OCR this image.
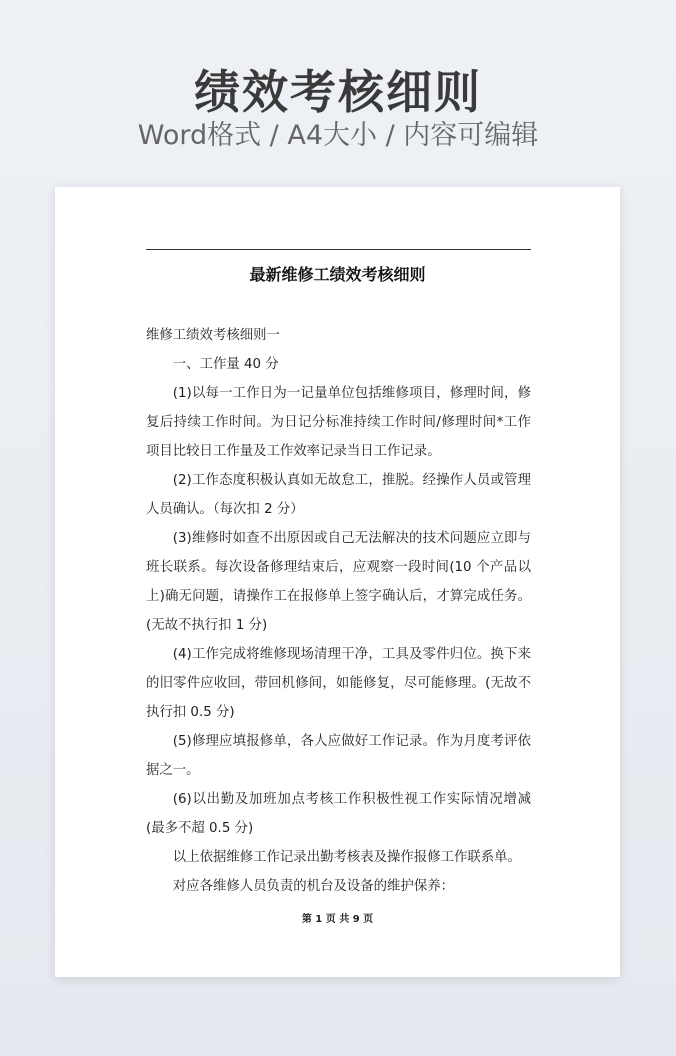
绩效考核细则
Word格式 / A4大小 / 内容可编辑
最新维修工绩效考核细则

维修工绩效考核细则一

一、工作量 40 分

(1)以每一工作日为一记量单位包括维修项目，修理时间，修复后持续工作时间。为日记分标准持续工作时间/修理时间*工作项目比较日工作量及工作效率记录当日工作记录。

(2)工作态度积极认真如无故怠工，推脱。经操作人员或管理人员确认。（每次扣 2 分）

(3)维修时如查不出原因或自己无法解决的技术问题应立即与班长联系。每次设备修理结束后，应观察一段时间(10 个产品以上)确无问题，请操作工在报修单上签字确认后，才算完成任务。(无故不执行扣 1 分)

(4)工作完成将维修现场清理干净，工具及零件归位。换下来的旧零件应收回，带回机修间，如能修复，尽可能修理。(无故不执行扣 0.5 分)

(5)修理应填报修单，各人应做好工作记录。作为月度考评依据之一。

(6)以出勤及加班加点考核工作积极性视工作实际情况增减(最多不超 0.5 分)

以上依据维修工作记录出勤考核表及操作报修工作联系单。

对应各维修人员负责的机台及设备的维护保养：

第 1 页 共 9 页
